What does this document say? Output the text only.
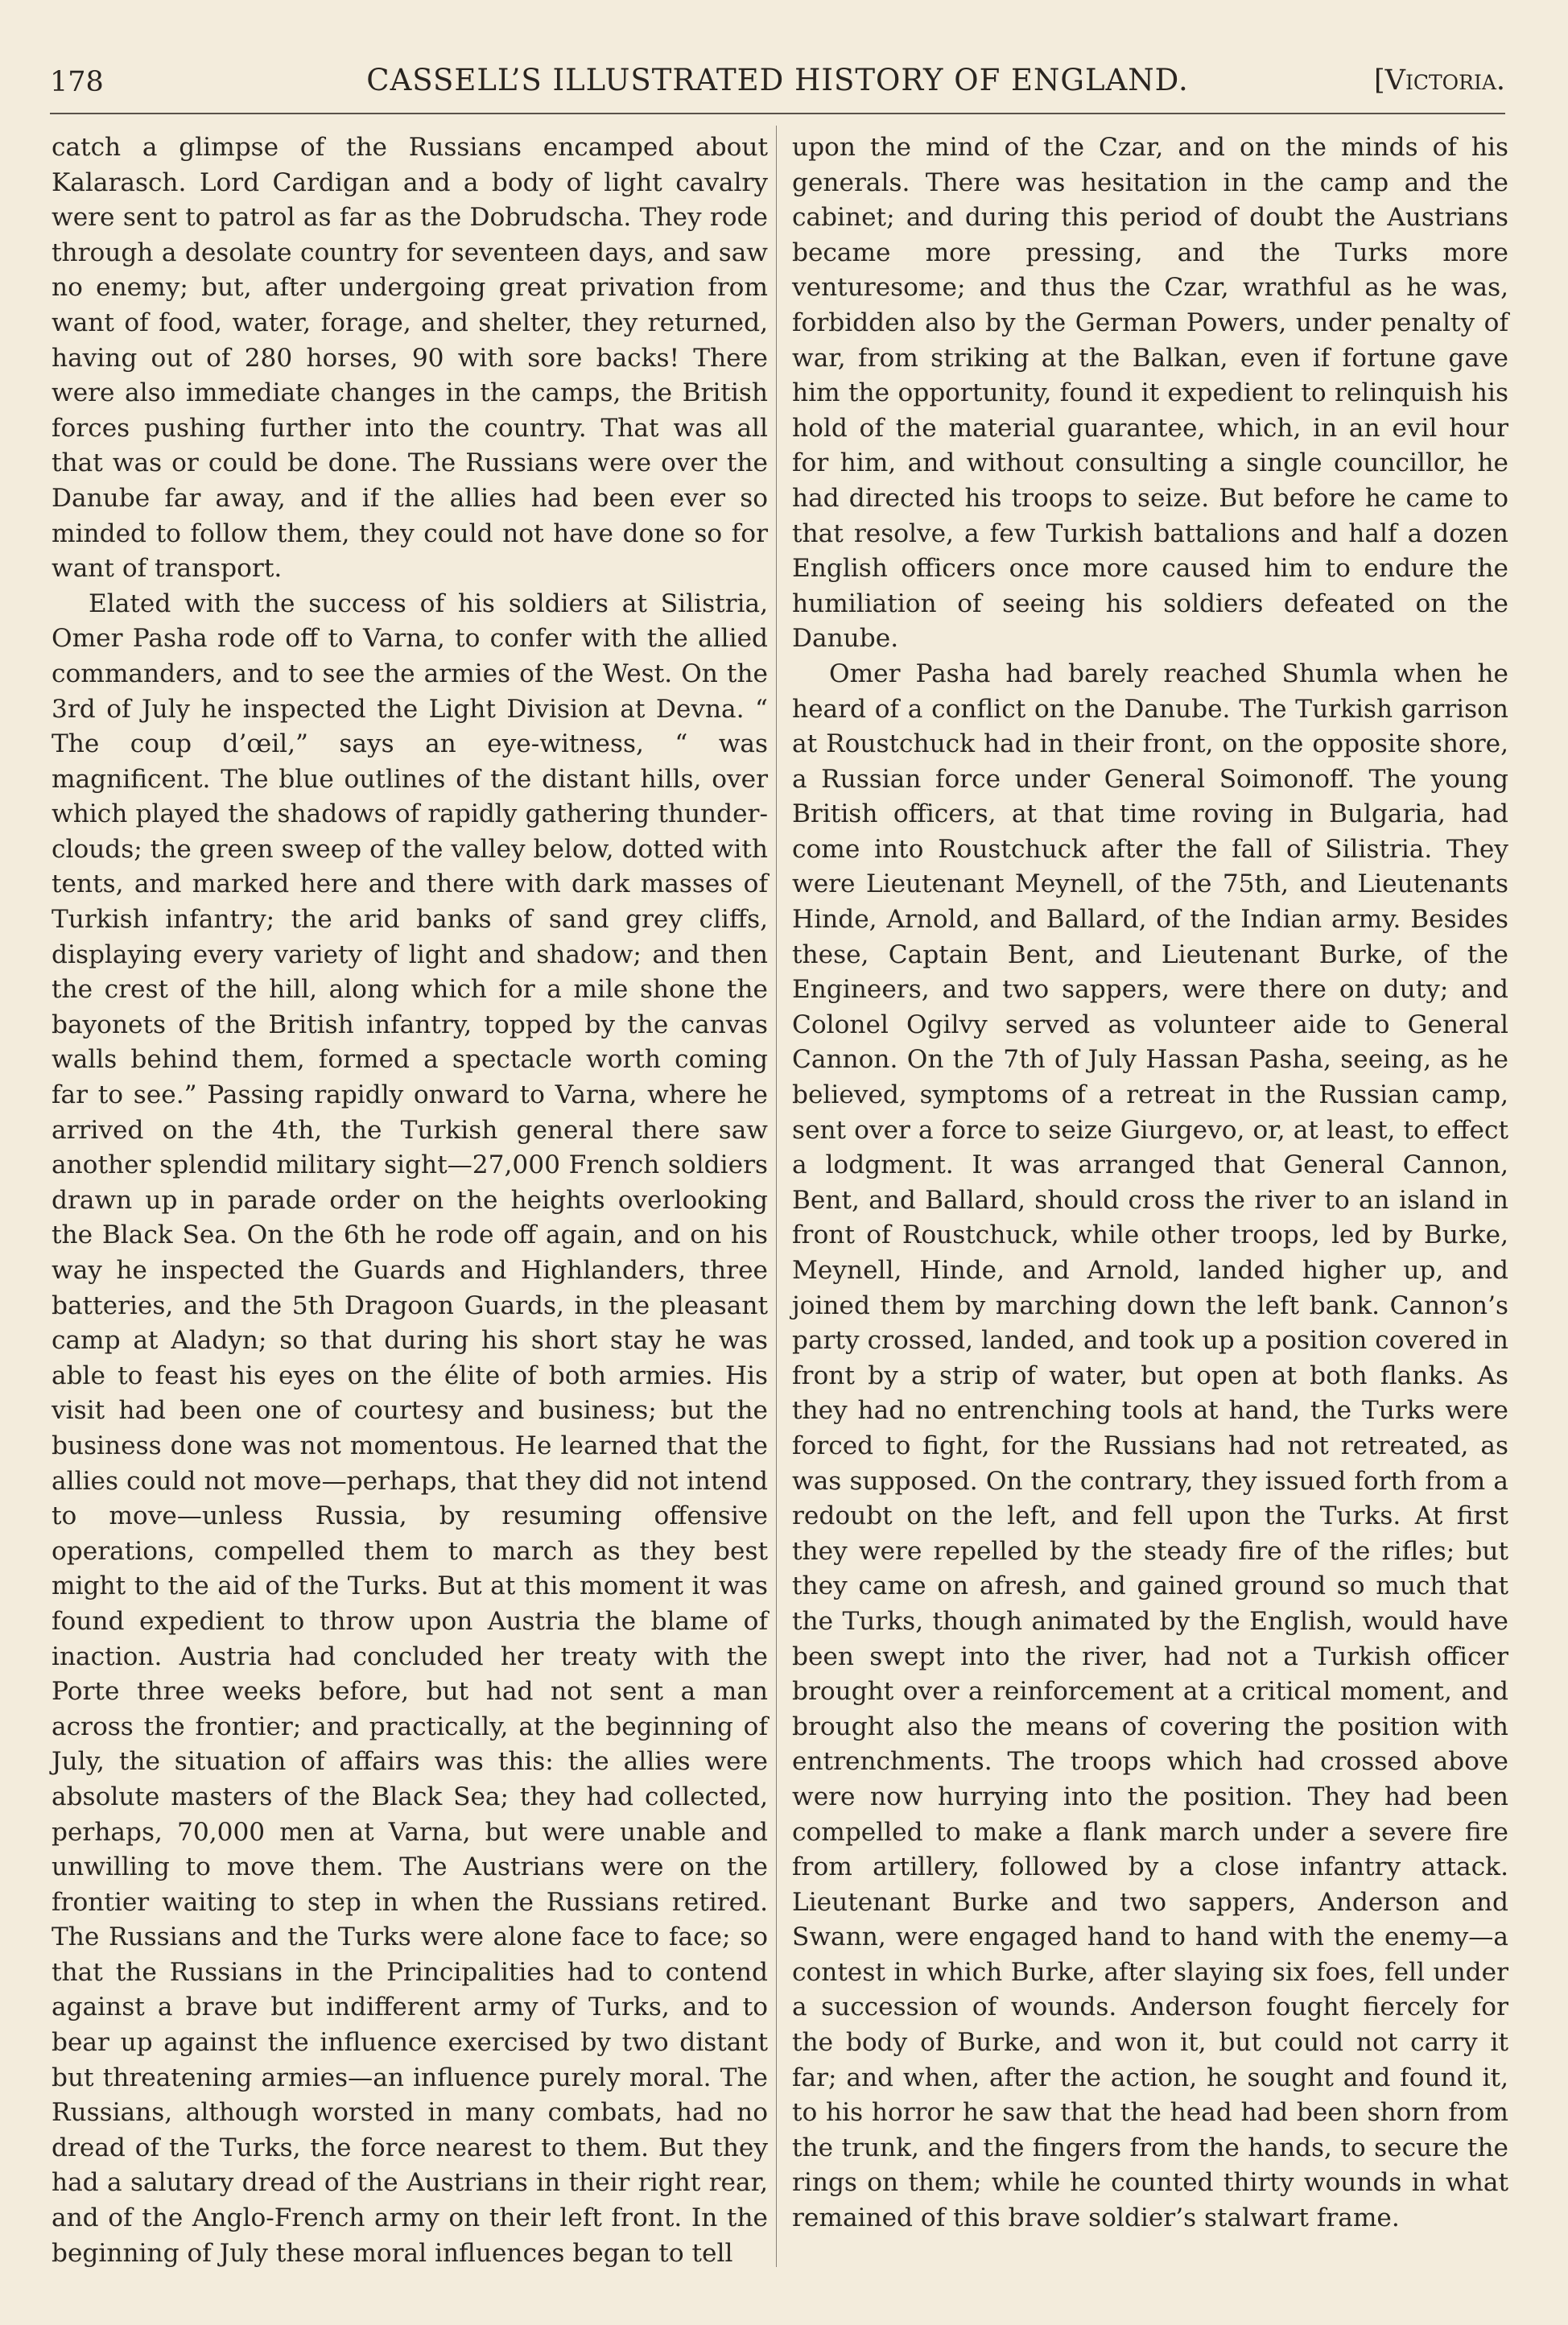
178	CASSELL’S ILLUSTRATED HISTORY OF ENGLAND.	[Victoria.

catch a glimpse of the Russians encamped about Kalarasch. Lord Cardigan and a body of light cavalry were sent to patrol as far as the Dobrudscha. They rode through a desolate country for seventeen days, and saw no enemy; but, after undergoing great privation from want of food, water, forage, and shelter, they returned, having out of 280 horses, 90 with sore backs! There were also immediate changes in the camps, the British forces pushing further into the country. That was all that was or could be done. The Russians were over the Danube far away, and if the allies had been ever so minded to follow them, they could not have done so for want of transport.

Elated with the success of his soldiers at Silistria, Omer Pasha rode off to Varna, to confer with the allied commanders, and to see the armies of the West. On the 3rd of July he inspected the Light Division at Devna. “ The coup d’œil,” says an eye-witness, “ was magnificent. The blue outlines of the distant hills, over which played the shadows of rapidly gathering thunder-clouds; the green sweep of the valley below, dotted with tents, and marked here and there with dark masses of Turkish infantry; the arid banks of sand grey cliffs, displaying every variety of light and shadow; and then the crest of the hill, along which for a mile shone the bayonets of the British infantry, topped by the canvas walls behind them, formed a spectacle worth coming far to see.” Passing rapidly onward to Varna, where he arrived on the 4th, the Turkish general there saw another splendid military sight—27,000 French soldiers drawn up in parade order on the heights overlooking the Black Sea. On the 6th he rode off again, and on his way he inspected the Guards and Highlanders, three batteries, and the 5th Dragoon Guards, in the pleasant camp at Aladyn; so that during his short stay he was able to feast his eyes on the élite of both armies. His visit had been one of courtesy and business; but the business done was not momentous. He learned that the allies could not move—perhaps, that they did not intend to move—unless Russia, by resuming offensive operations, compelled them to march as they best might to the aid of the Turks. But at this moment it was found expedient to throw upon Austria the blame of inaction. Austria had concluded her treaty with the Porte three weeks before, but had not sent a man across the frontier; and practically, at the beginning of July, the situation of affairs was this: the allies were absolute masters of the Black Sea; they had collected, perhaps, 70,000 men at Varna, but were unable and unwilling to move them. The Austrians were on the frontier waiting to step in when the Russians retired. The Russians and the Turks were alone face to face; so that the Russians in the Principalities had to contend against a brave but indifferent army of Turks, and to bear up against the influence exercised by two distant but threatening armies—an influence purely moral. The Russians, although worsted in many combats, had no dread of the Turks, the force nearest to them. But they had a salutary dread of the Austrians in their right rear, and of the Anglo-French army on their left front. In the beginning of July these moral influences began to tell

upon the mind of the Czar, and on the minds of his generals. There was hesitation in the camp and the cabinet; and during this period of doubt the Austrians became more pressing, and the Turks more venturesome; and thus the Czar, wrathful as he was, forbidden also by the German Powers, under penalty of war, from striking at the Balkan, even if fortune gave him the opportunity, found it expedient to relinquish his hold of the material guarantee, which, in an evil hour for him, and without consulting a single councillor, he had directed his troops to seize. But before he came to that resolve, a few Turkish battalions and half a dozen English officers once more caused him to endure the humiliation of seeing his soldiers defeated on the Danube.

Omer Pasha had barely reached Shumla when he heard of a conflict on the Danube. The Turkish garrison at Roustchuck had in their front, on the opposite shore, a Russian force under General Soimonoff. The young British officers, at that time roving in Bulgaria, had come into Roustchuck after the fall of Silistria. They were Lieutenant Meynell, of the 75th, and Lieutenants Hinde, Arnold, and Ballard, of the Indian army. Besides these, Captain Bent, and Lieutenant Burke, of the Engineers, and two sappers, were there on duty; and Colonel Ogilvy served as volunteer aide to General Cannon. On the 7th of July Hassan Pasha, seeing, as he believed, symptoms of a retreat in the Russian camp, sent over a force to seize Giurgevo, or, at least, to effect a lodgment. It was arranged that General Cannon, Bent, and Ballard, should cross the river to an island in front of Roustchuck, while other troops, led by Burke, Meynell, Hinde, and Arnold, landed higher up, and joined them by marching down the left bank. Cannon’s party crossed, landed, and took up a position covered in front by a strip of water, but open at both flanks. As they had no entrenching tools at hand, the Turks were forced to fight, for the Russians had not retreated, as was supposed. On the contrary, they issued forth from a redoubt on the left, and fell upon the Turks. At first they were repelled by the steady fire of the rifles; but they came on afresh, and gained ground so much that the Turks, though animated by the English, would have been swept into the river, had not a Turkish officer brought over a reinforcement at a critical moment, and brought also the means of covering the position with entrenchments. The troops which had crossed above were now hurrying into the position. They had been compelled to make a flank march under a severe fire from artillery, followed by a close infantry attack. Lieutenant Burke and two sappers, Anderson and Swann, were engaged hand to hand with the enemy—a contest in which Burke, after slaying six foes, fell under a succession of wounds. Anderson fought fiercely for the body of Burke, and won it, but could not carry it far; and when, after the action, he sought and found it, to his horror he saw that the head had been shorn from the trunk, and the fingers from the hands, to secure the rings on them; while he counted thirty wounds in what remained of this brave soldier’s stalwart frame.
